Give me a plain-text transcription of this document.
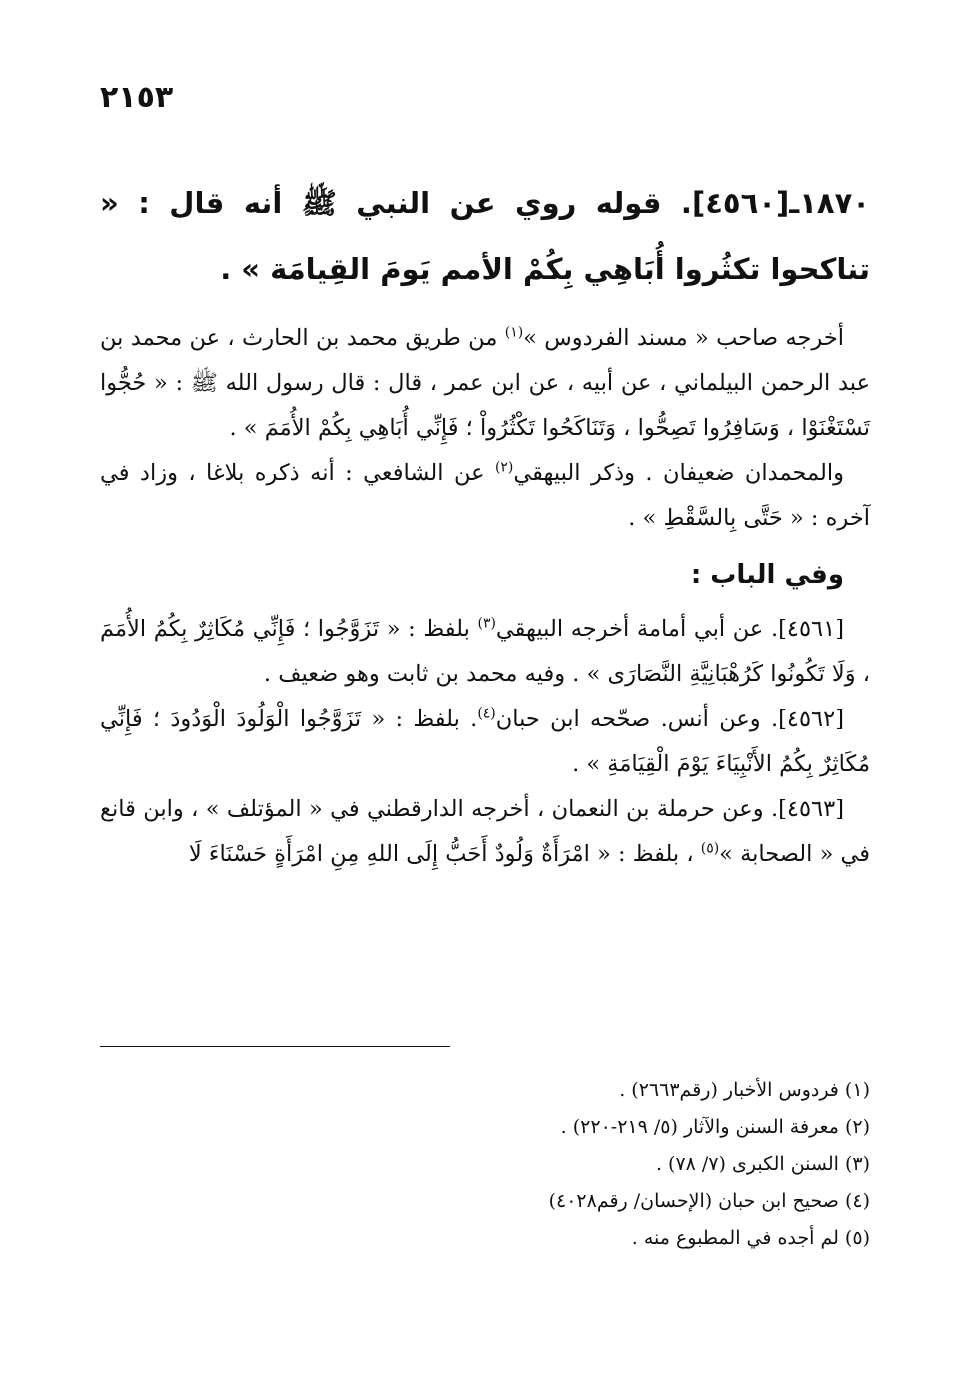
٢١٥٣
١٨٧٠ـ[٤٥٦٠]. قوله روي عن النبي ﷺ أنه قال : « تناكحوا تكثُروا أُبَاهِي بِكُمْ الأمم يَومَ القِيامَة » .

أخرجه صاحب « مسند الفردوس »$^{(١)}$ من طريق محمد بن الحارث ، عن محمد بن عبد الرحمن البيلماني ، عن أبيه ، عن ابن عمر ، قال : قال رسول الله ﷺ : « حُجُّوا تَسْتَغْنَوْا ، وَسَافِرُوا تَصِحُّوا ، وَتَنَاكَحُوا تَكْثُرُواْ ؛ فَإِنِّي أُبَاهِي بِكُمْ الأُمَمَ » .

والمحمدان ضعيفان . وذكر البيهقي$^{(٢)}$ عن الشافعي : أنه ذكره بلاغا ، وزاد في آخره : « حَتَّى بِالسَّقْطِ » .

وفي الباب :

[٤٥٦١]. عن أبي أمامة أخرجه البيهقي$^{(٣)}$ بلفظ : « تَزَوَّجُوا ؛ فَإِنِّي مُكَاثِرٌ بِكُمُ الأُمَمَ ، وَلَا تَكُونُوا كَرُهْبَانِيَّةِ النَّصَارَى » . وفيه محمد بن ثابت وهو ضعيف .

[٤٥٦٢]. وعن أنس. صحّحه ابن حبان$^{(٤)}$. بلفظ : « تَزَوَّجُوا الْوَلُودَ الْوَدُودَ ؛ فَإِنِّي مُكَاثِرٌ بِكُمُ الأَنْبِيَاءَ يَوْمَ الْقِيَامَةِ » .

[٤٥٦٣]. وعن حرملة بن النعمان ، أخرجه الدارقطني في « المؤتلف » ، وابن قانع في « الصحابة »$^{(٥)}$ ، بلفظ : « امْرَأَةٌ وَلُودٌ أَحَبُّ إِلَى اللهِ مِنِ امْرَأَةٍ حَسْنَاءَ لَا

(١) فردوس الأخبار (رقم٢٦٦٣) .

(٢) معرفة السنن والآثار (٥/ ٢١٩-٢٢٠) .

(٣) السنن الكبرى (٧/ ٧٨) .

(٤) صحيح ابن حبان (الإحسان/ رقم٤٠٢٨)

(٥) لم أجده في المطبوع منه .
